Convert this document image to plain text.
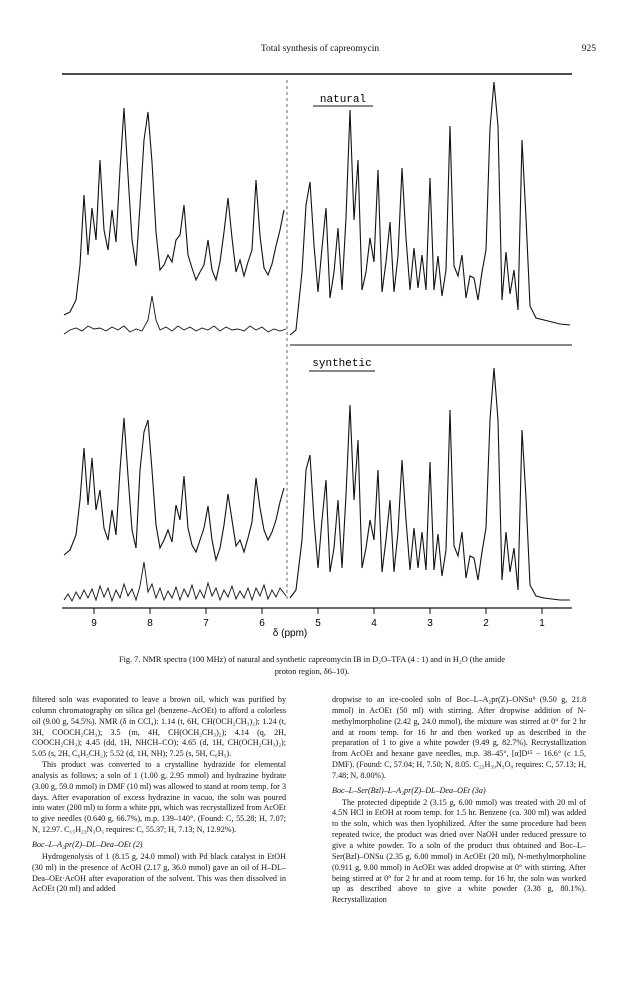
Total synthesis of capreomycin	925
natural
synthetic
9	8	7	6	5	4	3	2	1
δ (ppm)
Fig. 7. NMR spectra (100 MHz) of natural and synthetic capreomycin IB in D₂O–TFA (4 : 1) and in H₂O (the amide
proton region, δ6–10).

filtered soln was evaporated to leave a brown oil, which was purified by column chromatography on silica gel (benzene–AcOEt) to afford a colorless oil (9.00 g, 54.5%). NMR (δ in CCl₄): 1.14 (t, 6H, CH(OCH₂CH₃)₂); 1.24 (t, 3H, COOCH₂CH₃); 3.5 (m, 4H, CH(OCH₂CH₃)₂); 4.14 (q, 2H, COOCH₂CH₃); 4.45 (dd, 1H, NHCH–CO); 4.65 (d, 1H, CH(OCH₂CH₃)₂); 5.05 (s, 2H, C₆H₅CH₂); 5.52 (d, 1H, NH); 7.25 (s, 5H, C₆H₅).

This product was converted to a crystalline hydrazide for elemental analysis as follows; a soln of 1 (1.00 g, 2.95 mmol) and hydrazine hydrate (3.00 g, 59.0 mmol) in DMF (10 ml) was allowed to stand at room temp. for 3 days. After evaporation of excess hydrazine in vacuo, the soln was poured into water (200 ml) to form a white ppt, which was recrystallized from AcOEt to give needles (0.640 g, 66.7%), m.p. 139–140°. (Found: C, 55.28; H, 7.07; N, 12.97. C₁₅H₂₃N₃O₅ requires: C, 55.37; H, 7.13; N, 12.92%).

Boc–L–A₂pr(Z)–DL–Dea–OEt (2)

Hydrogenolysis of 1 (8.15 g, 24.0 mmol) with Pd black catalyst in EtOH (30 ml) in the presence of AcOH (2.17 g, 36.0 mmol) gave an oil of H–DL–Dea–OEt·AcOH after evaporation of the solvent. This was then dissolved in AcOEt (20 ml) and added

dropwise to an ice-cooled soln of Boc–L–A₂pr(Z)–ONSu⁹ (9.50 g, 21.8 mmol) in AcOEt (50 ml) with stirring. After dropwise addition of N-methylmorpholine (2.42 g, 24.0 mmol), the mixture was stirred at 0° for 2 hr and at room temp. for 16 hr and then worked up as described in the preparation of 1 to give a white powder (9.49 g, 82.7%). Recrystallization from AcOEt and hexane gave needles, m.p. 38–45°, [α]D¹⁵ − 16.6° (c 1.5, DMF). (Found: C, 57.04; H, 7.50; N, 8.05. C₂₅H₃₉N₃O₉ requires: C, 57.13; H, 7.48; N, 8.00%).

Boc–L–Ser(Bzl)–L–A₂pr(Z)–DL–Dea–OEt (3a)

The protected dipeptide 2 (3.15 g, 6.00 mmol) was treated with 20 ml of 4.5N HCl in EtOH at room temp. for 1.5 hr. Benzene (ca. 300 ml) was added to the soln, which was then lyophilized. After the same procedure had been repeated twice, the product was dried over NaOH under reduced pressure to give a white powder. To a soln of the product thus obtained and Boc–L–Ser(Bzl)–ONSu (2.35 g, 6.00 mmol) in AcOEt (20 ml), N-methylmorpholine (0.911 g, 9.00 mmol) in AcOEt was added dropwise at 0° with stirring. After being stirred at 0° for 2 hr and at room temp. for 16 hr, the soln was worked up as described above to give a white powder (3.38 g, 80.1%). Recrystallization
